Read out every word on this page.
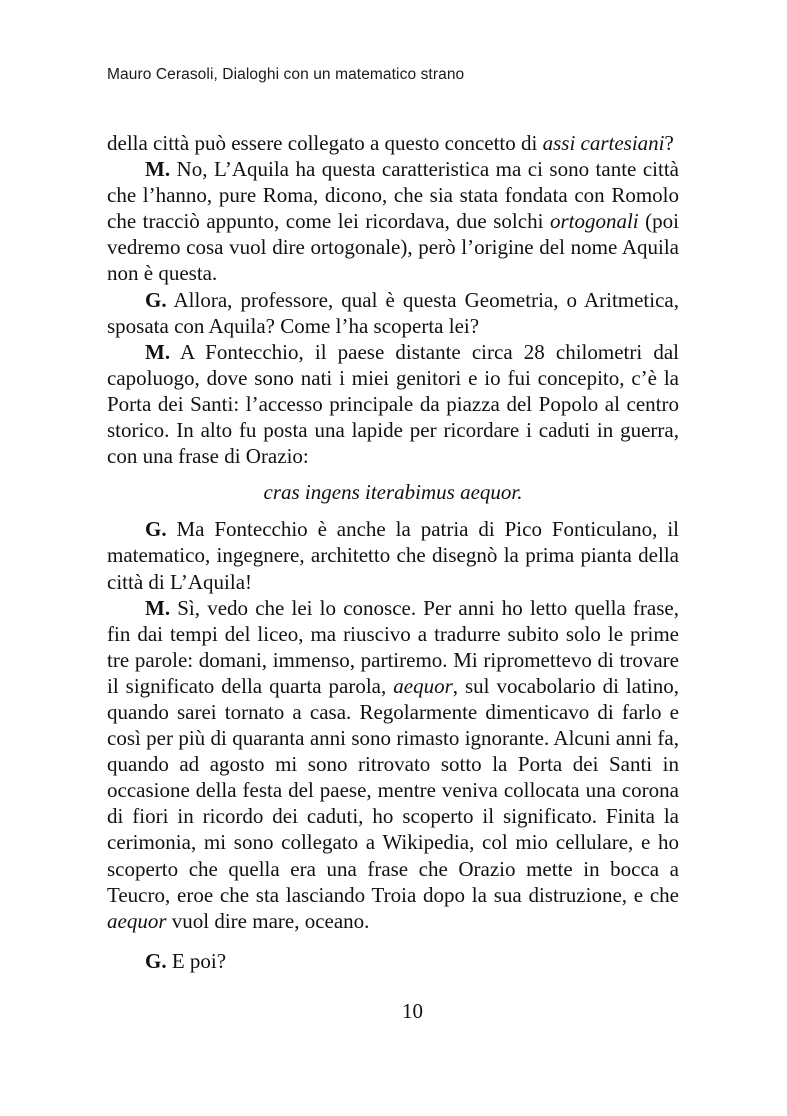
Mauro Cerasoli, Dialoghi con un matematico strano

della città può essere collegato a questo concetto di assi cartesiani?

M. No, L’Aquila ha questa caratteristica ma ci sono tante città che l’hanno, pure Roma, dicono, che sia stata fondata con Romolo che tracciò appunto, come lei ricordava, due solchi ortogonali (poi vedremo cosa vuol dire ortogonale), però l’origine del nome Aquila non è questa.

G. Allora, professore, qual è questa Geometria, o Aritmetica, sposata con Aquila? Come l’ha scoperta lei?

M. A Fontecchio, il paese distante circa 28 chilometri dal capoluogo, dove sono nati i miei genitori e io fui concepito, c’è la Porta dei Santi: l’accesso principale da piazza del Popolo al centro storico. In alto fu posta una lapide per ricordare i caduti in guerra, con una frase di Orazio:

cras ingens iterabimus aequor.

G. Ma Fontecchio è anche la patria di Pico Fonticulano, il matematico, ingegnere, architetto che disegnò la prima pianta della città di L’Aquila!

M. Sì, vedo che lei lo conosce. Per anni ho letto quella frase, fin dai tempi del liceo, ma riuscivo a tradurre subito solo le prime tre parole: domani, immenso, partiremo. Mi ripromettevo di trovare il significato della quarta parola, aequor, sul vocabolario di latino, quando sarei tornato a casa. Regolarmente dimenticavo di farlo e così per più di quaranta anni sono rimasto ignorante. Alcuni anni fa, quando ad agosto mi sono ritrovato sotto la Porta dei Santi in occasione della festa del paese, mentre veniva collocata una corona di fiori in ricordo dei caduti, ho scoperto il significato. Finita la cerimonia, mi sono collegato a Wikipedia, col mio cellulare, e ho scoperto che quella era una frase che Orazio mette in bocca a Teucro, eroe che sta lasciando Troia dopo la sua distruzione, e che aequor vuol dire mare, oceano.

G. E poi?

10
